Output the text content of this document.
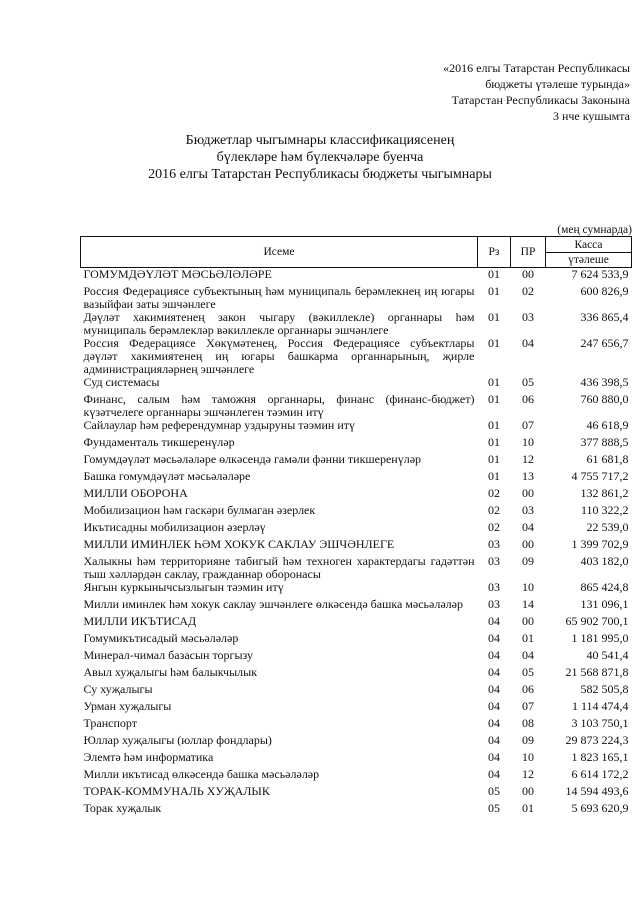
«2016 елгы Татарстан Республикасы
бюджеты үтәлеше турында»
Татарстан Республикасы Законына
3 нче кушымта
Бюджетлар чыгымнары классификациясенең
бүлекләре һәм бүлекчәләре буенча
2016 елгы Татарстан Республикасы бюджеты чыгымнары
(мең сумнарда)
Исеме	Рз	ПР	Касса
үтәлеше

ГОМУМДӘҮЛӘТ МӘСЬӘЛӘЛӘРЕ	01	00	7 624 533,9
Россия Федерациясе субъектының һәм муниципаль берәмлекнең иң югары вазыйфаи заты эшчәнлеге	01	02	600 826,9
Дәүләт хакимиятенең закон чыгару (вәкиллекле) органнары һәм муниципаль берәмлекләр вәкиллекле органнары эшчәнлеге	01	03	336 865,4
Россия Федерациясе Хөкүмәтенең, Россия Федерациясе субъектлары дәүләт хакимиятенең иң югары башкарма органнарының, җирле администрацияләрнең эшчәнлеге	01	04	247 656,7
Суд системасы	01	05	436 398,5
Финанс, салым һәм таможня органнары, финанс (финанс-бюджет) күзәтчелеге органнары эшчәнлеген тәэмин итү	01	06	760 880,0
Сайлаулар һәм референдумнар уздыруны тәэмин итү	01	07	46 618,9
Фундаменталь тикшеренүләр	01	10	377 888,5
Гомумдәүләт мәсьәләләре өлкәсендә гамәли фәнни тикшеренүләр	01	12	61 681,8
Башка гомумдәүләт мәсьәләләре	01	13	4 755 717,2
МИЛЛИ ОБОРОНА	02	00	132 861,2
Мобилизацион һәм гаскәри булмаган әзерлек	02	03	110 322,2
Икътисадны мобилизацион әзерләү	02	04	22 539,0
МИЛЛИ ИМИНЛЕК ҺӘМ ХОКУК САКЛАУ ЭШЧӘНЛЕГЕ	03	00	1 399 702,9
Халыкны һәм территорияне табигый һәм техноген характердагы гадәттән тыш хәлләрдән саклау, гражданнар оборонасы	03	09	403 182,0
Янгын куркынычсызлыгын тәэмин итү	03	10	865 424,8
Милли иминлек һәм хокук саклау эшчәнлеге өлкәсендә башка мәсьәләләр	03	14	131 096,1
МИЛЛИ ИКЪТИСАД	04	00	65 902 700,1
Гомумикътисадый мәсьәләләр	04	01	1 181 995,0
Минерал-чимал базасын торгызу	04	04	40 541,4
Авыл хуҗалыгы һәм балыкчылык	04	05	21 568 871,8
Су хуҗалыгы	04	06	582 505,8
Урман хуҗалыгы	04	07	1 114 474,4
Транспорт	04	08	3 103 750,1
Юллар хуҗалыгы (юллар фондлары)	04	09	29 873 224,3
Элемтә һәм информатика	04	10	1 823 165,1
Милли икътисад өлкәсендә башка мәсьәләләр	04	12	6 614 172,2
ТОРАК-КОММУНАЛЬ ХУҖАЛЫК	05	00	14 594 493,6
Торак хуҗалык	05	01	5 693 620,9
